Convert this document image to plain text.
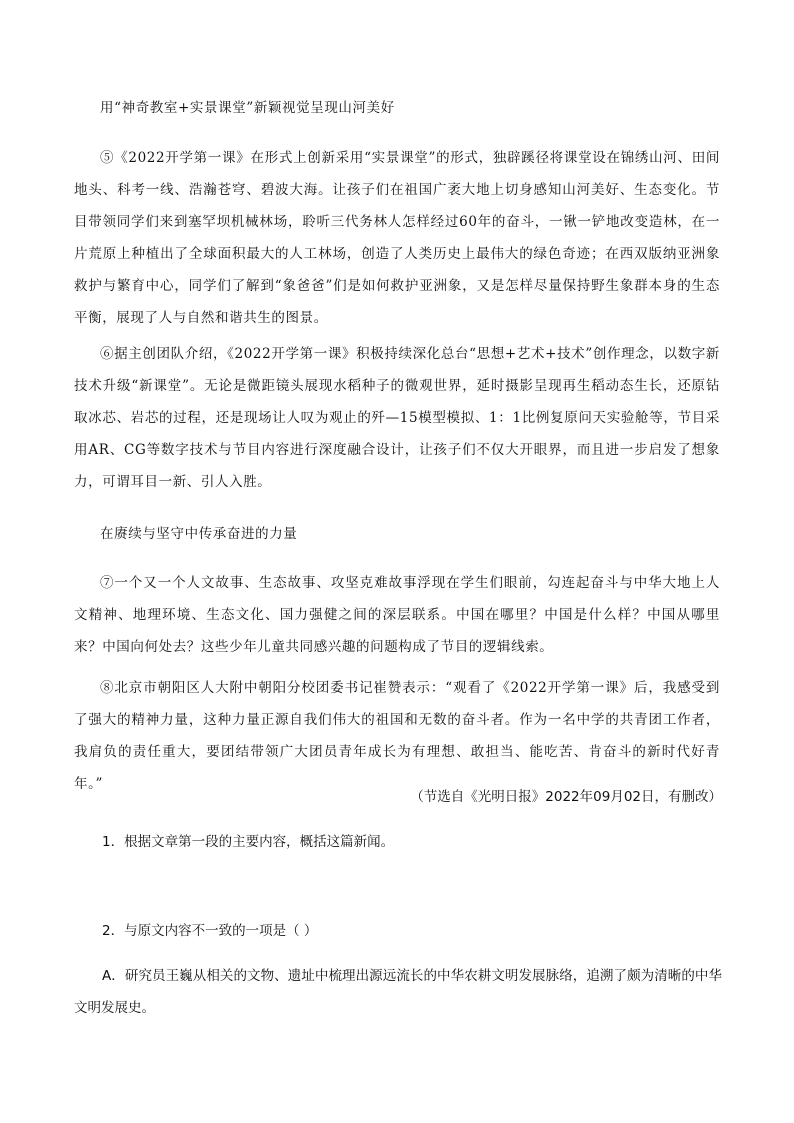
用“神奇教室+实景课堂”新颖视觉呈现山河美好

⑤《2022开学第一课》在形式上创新采用“实景课堂”的形式，独辟蹊径将课堂设在锦绣山河、田间地头、科考一线、浩瀚苍穹、碧波大海。让孩子们在祖国广袤大地上切身感知山河美好、生态变化。节目带领同学们来到塞罕坝机械林场，聆听三代务林人怎样经过60年的奋斗，一锹一铲地改变造林，在一片荒原上种植出了全球面积最大的人工林场，创造了人类历史上最伟大的绿色奇迹；在西双版纳亚洲象救护与繁育中心，同学们了解到“象爸爸”们是如何救护亚洲象，又是怎样尽量保持野生象群本身的生态平衡，展现了人与自然和谐共生的图景。

⑥据主创团队介绍，《2022开学第一课》积极持续深化总台“思想+艺术+技术”创作理念，以数字新技术升级“新课堂”。无论是微距镜头展现水稻种子的微观世界，延时摄影呈现再生稻动态生长，还原钻取冰芯、岩芯的过程，还是现场让人叹为观止的歼—15模型模拟、1：1比例复原问天实验舱等，节目采用AR、CG等数字技术与节目内容进行深度融合设计，让孩子们不仅大开眼界，而且进一步启发了想象力，可谓耳目一新、引人入胜。

在赓续与坚守中传承奋进的力量

⑦一个又一个人文故事、生态故事、攻坚克难故事浮现在学生们眼前，勾连起奋斗与中华大地上人文精神、地理环境、生态文化、国力强健之间的深层联系。中国在哪里？中国是什么样？中国从哪里来？中国向何处去？这些少年儿童共同感兴趣的问题构成了节目的逻辑线索。

⑧北京市朝阳区人大附中朝阳分校团委书记崔赞表示：“观看了《2022开学第一课》后，我感受到了强大的精神力量，这种力量正源自我们伟大的祖国和无数的奋斗者。作为一名中学的共青团工作者，我肩负的责任重大，要团结带领广大团员青年成长为有理想、敢担当、能吃苦、肯奋斗的新时代好青年。”

（节选自《光明日报》2022年09月02日，有删改）
1．根据文章第一段的主要内容，概括这篇新闻。
2．与原文内容不一致的一项是（ ）

A．研究员王巍从相关的文物、遗址中梳理出源远流长的中华农耕文明发展脉络，追溯了颇为清晰的中华文明发展史。
